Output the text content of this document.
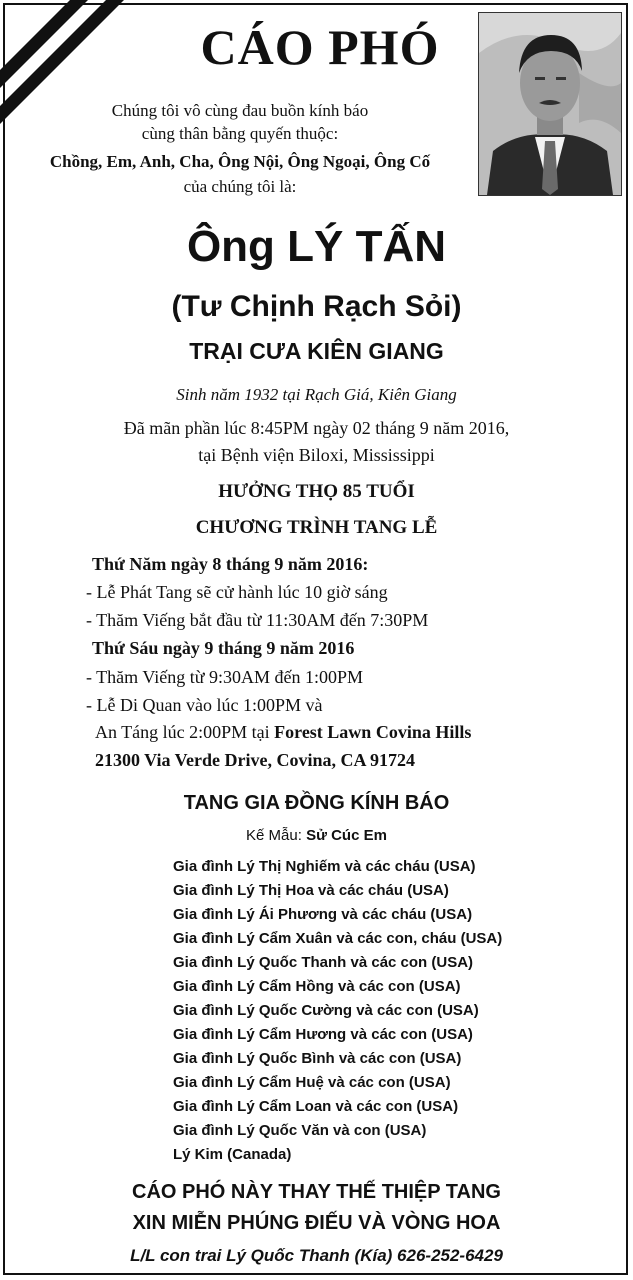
CÁO PHÓ
Chúng tôi vô cùng đau buồn kính báo
cùng thân bằng quyến thuộc:
Chồng, Em, Anh, Cha, Ông Nội, Ông Ngoại, Ông Cố
của chúng tôi là:
Ông LÝ TẤN
(Tư Chịnh Rạch Sỏi)
TRẠI CƯA KIÊN GIANG
Sinh năm 1932 tại Rạch Giá, Kiên Giang
Đã mãn phần lúc 8:45PM ngày 02 tháng 9 năm 2016,
tại Bệnh viện Biloxi, Mississippi
HƯỞNG THỌ 85 TUỔI
CHƯƠNG TRÌNH TANG LỄ
Thứ Năm ngày 8 tháng 9 năm 2016:
- Lễ Phát Tang sẽ cử hành lúc 10 giờ sáng
- Thăm Viếng bắt đầu từ 11:30AM đến 7:30PM
Thứ Sáu ngày 9 tháng 9 năm 2016
- Thăm Viếng từ 9:30AM đến 1:00PM
- Lễ Di Quan vào lúc 1:00PM và
An Táng lúc 2:00PM tại Forest Lawn Covina Hills
21300 Via Verde Drive, Covina, CA 91724
TANG GIA ĐỒNG KÍNH BÁO
Kế Mẫu: Sử Cúc Em
Gia đình Lý Thị Nghiếm và các cháu (USA)
Gia đình Lý Thị Hoa và các cháu (USA)
Gia đình Lý Ái Phương và các cháu (USA)
Gia đình Lý Cẩm Xuân và các con, cháu (USA)
Gia đình Lý Quốc Thanh và các con (USA)
Gia đình Lý Cẩm Hồng và các con (USA)
Gia đình Lý Quốc Cường và các con (USA)
Gia đình Lý Cẩm Hương và các con (USA)
Gia đình Lý Quốc Bình và các con (USA)
Gia đình Lý Cẩm Huệ và các con (USA)
Gia đình Lý Cẩm Loan và các con (USA)
Gia đình Lý Quốc Văn và con (USA)
Lý Kim (Canada)
CÁO PHÓ NÀY THAY THẾ THIỆP TANG
XIN MIỄN PHÚNG ĐIẾU VÀ VÒNG HOA
L/L con trai Lý Quốc Thanh (Kía) 626-252-6429
